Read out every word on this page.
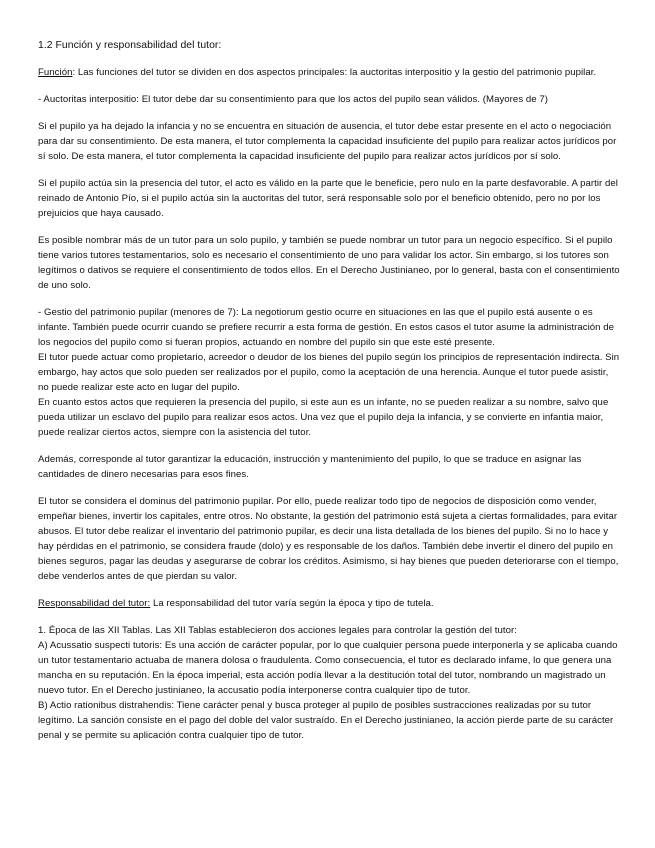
1.2 Función y responsabilidad del tutor:
Función: Las funciones del tutor se dividen en dos aspectos principales: la auctoritas interpositio y la gestio del patrimonio pupilar.
- Auctoritas interpositio: El tutor debe dar su consentimiento para que los actos del pupilo sean válidos. (Mayores de 7)
Si el pupilo ya ha dejado la infancia y no se encuentra en situación de ausencia, el tutor debe estar presente en el acto o negociación para dar su consentimiento. De esta manera, el tutor complementa la capacidad insuficiente del pupilo para realizar actos jurídicos por sí solo. De esta manera, el tutor complementa la capacidad insuficiente del pupilo para realizar actos jurídicos por sí solo.
Si el pupilo actúa sin la presencia del tutor, el acto es válido en la parte que le beneficie, pero nulo en la parte desfavorable. A partir del reinado de Antonio Pío, si el pupilo actúa sin la auctoritas del tutor, será responsable solo por el beneficio obtenido, pero no por los prejuicios que haya causado.
Es posible nombrar más de un tutor para un solo pupilo, y también se puede nombrar un tutor para un negocio específico. Si el pupilo tiene varios tutores testamentarios, solo es necesario el consentimiento de uno para validar los actor. Sin embargo, si los tutores son legítimos o dativos se requiere el consentimiento de todos ellos. En el Derecho Justinianeo, por lo general, basta con el consentimiento de uno solo.
- Gestio del patrimonio pupilar (menores de 7): La negotiorum gestio ocurre en situaciones en las que el pupilo está ausente o es infante. También puede ocurrir cuando se prefiere recurrir a esta forma de gestión. En estos casos el tutor asume la administración de los negocios del pupilo como si fueran propios, actuando en nombre del pupilo sin que este esté presente.
El tutor puede actuar como propietario, acreedor o deudor de los bienes del pupilo según los principios de representación indirecta. Sin embargo, hay actos que solo pueden ser realizados por el pupilo, como la aceptación de una herencia. Aunque el tutor puede asistir, no puede realizar este acto en lugar del pupilo.
En cuanto estos actos que requieren la presencia del pupilo, si este aun es un infante, no se pueden realizar a su nombre, salvo que pueda utilizar un esclavo del pupilo para realizar esos actos. Una vez que el pupilo deja la infancia, y se convierte en infantia maior, puede realizar ciertos actos, siempre con la asistencia del tutor.
Además, corresponde al tutor garantizar la educación, instrucción y mantenimiento del pupilo, lo que se traduce en asignar las cantidades de dinero necesarias para esos fines.
El tutor se considera el dominus del patrimonio pupilar. Por ello, puede realizar todo tipo de negocios de disposición como vender, empeñar bienes, invertir los capitales, entre otros. No obstante, la gestión del patrimonio está sujeta a ciertas formalidades, para evitar abusos. El tutor debe realizar el inventario del patrimonio pupilar, es decir una lista detallada de los bienes del pupilo. Si no lo hace y hay pérdidas en el patrimonio, se considera fraude (dolo) y es responsable de los daños. También debe invertir el dinero del pupilo en bienes seguros, pagar las deudas y asegurarse de cobrar los créditos. Asimismo, si hay bienes que pueden deteriorarse con el tiempo, debe venderlos antes de que pierdan su valor.
Responsabilidad del tutor: La responsabilidad del tutor varía según la época y tipo de tutela.
1. Época de las XII Tablas. Las XII Tablas establecieron dos acciones legales para controlar la gestión del tutor:
A) Acussatio suspecti tutoris: Es una acción de carácter popular, por lo que cualquier persona puede interponerla y se aplicaba cuando un tutor testamentario actuaba de manera dolosa o fraudulenta. Como consecuencia, el tutor es declarado infame, lo que genera una mancha en su reputación. En la época imperial, esta acción podía llevar a la destitución total del tutor, nombrando un magistrado un nuevo tutor. En el Derecho justinianeo, la accusatio podía interponerse contra cualquier tipo de tutor.
B) Actio rationibus distrahendis: Tiene carácter penal y busca proteger al pupilo de posibles sustracciones realizadas por su tutor legítimo. La sanción consiste en el pago del doble del valor sustraído. En el Derecho justinianeo, la acción pierde parte de su carácter penal y se permite su aplicación contra cualquier tipo de tutor.
